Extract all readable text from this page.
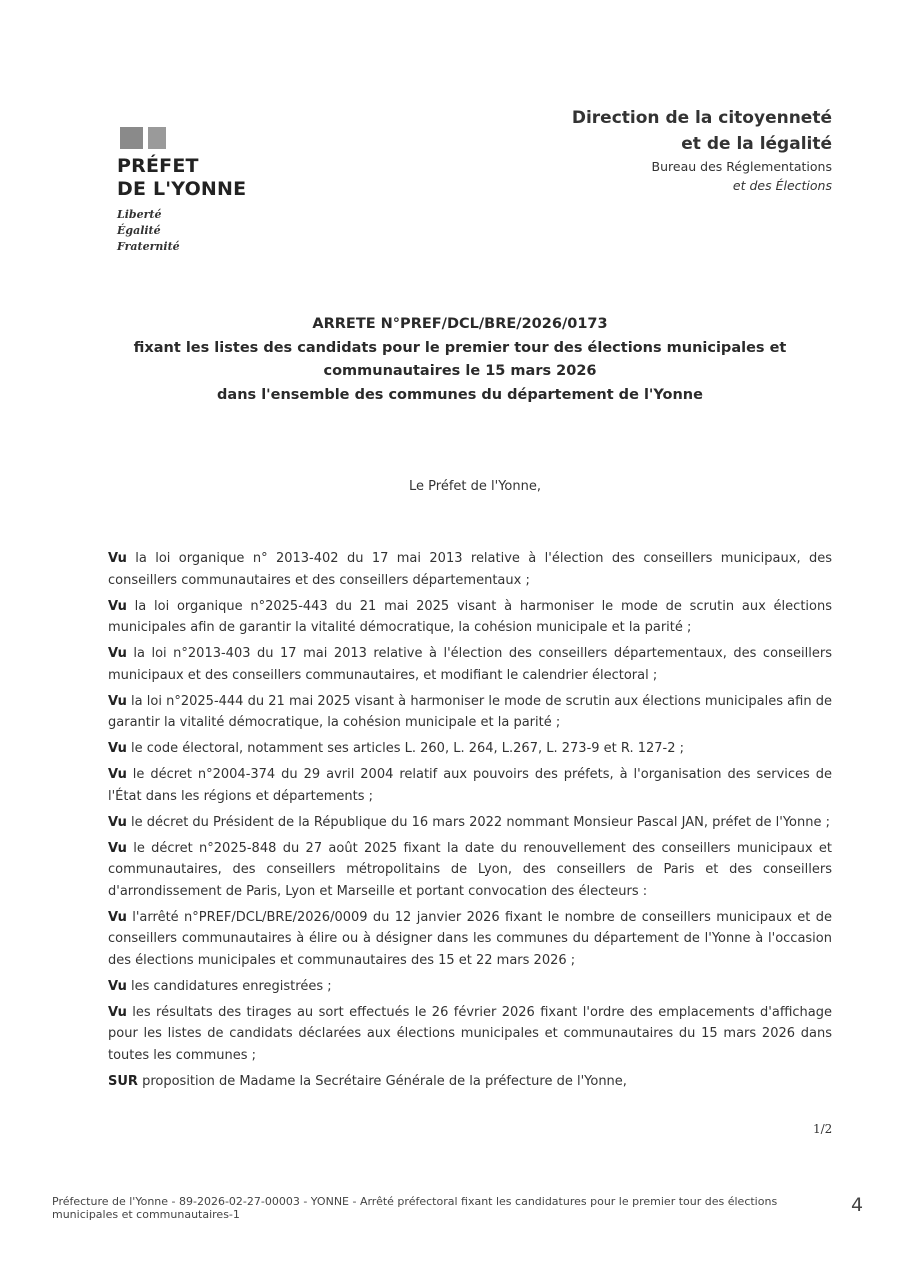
PRÉFET
DE L'YONNE
Liberté
Égalité
Fraternité
Direction de la citoyenneté
et de la légalité
Bureau des Réglementations
et des Élections
ARRETE N°PREF/DCL/BRE/2026/0173
fixant les listes des candidats pour le premier tour des élections municipales et
communautaires le 15 mars 2026
dans l'ensemble des communes du département de l'Yonne
Le Préfet de l'Yonne,

Vu la loi organique n° 2013-402 du 17 mai 2013 relative à l'élection des conseillers municipaux, des conseillers communautaires et des conseillers départementaux ;

Vu la loi organique n°2025-443 du 21 mai 2025 visant à harmoniser le mode de scrutin aux élections municipales afin de garantir la vitalité démocratique, la cohésion municipale et la parité ;

Vu la loi n°2013-403 du 17 mai 2013 relative à l'élection des conseillers départementaux, des conseillers municipaux et des conseillers communautaires, et modifiant le calendrier électoral ;

Vu la loi n°2025-444 du 21 mai 2025 visant à harmoniser le mode de scrutin aux élections municipales afin de garantir la vitalité démocratique, la cohésion municipale et la parité ;

Vu le code électoral, notamment ses articles L. 260, L. 264, L.267, L. 273-9 et R. 127-2 ;

Vu le décret n°2004-374 du 29 avril 2004 relatif aux pouvoirs des préfets, à l'organisation des services de l'État dans les régions et départements ;

Vu le décret du Président de la République du 16 mars 2022 nommant Monsieur Pascal JAN, préfet de l'Yonne ;

Vu le décret n°2025-848 du 27 août 2025 fixant la date du renouvellement des conseillers municipaux et communautaires, des conseillers métropolitains de Lyon, des conseillers de Paris et des conseillers d'arrondissement de Paris, Lyon et Marseille et portant convocation des électeurs :

Vu l'arrêté n°PREF/DCL/BRE/2026/0009 du 12 janvier 2026 fixant le nombre de conseillers municipaux et de conseillers communautaires à élire ou à désigner dans les communes du département de l'Yonne à l'occasion des élections municipales et communautaires des 15 et 22 mars 2026 ;

Vu les candidatures enregistrées ;

Vu les résultats des tirages au sort effectués le 26 février 2026 fixant l'ordre des emplacements d'affichage pour les listes de candidats déclarées aux élections municipales et communautaires du 15 mars 2026 dans toutes les communes ;

SUR proposition de Madame la Secrétaire Générale de la préfecture de l'Yonne,

1/2
Préfecture de l'Yonne - 89-2026-02-27-00003 - YONNE - Arrêté préfectoral fixant les candidatures pour le premier tour des élections municipales et communautaires-1	4
